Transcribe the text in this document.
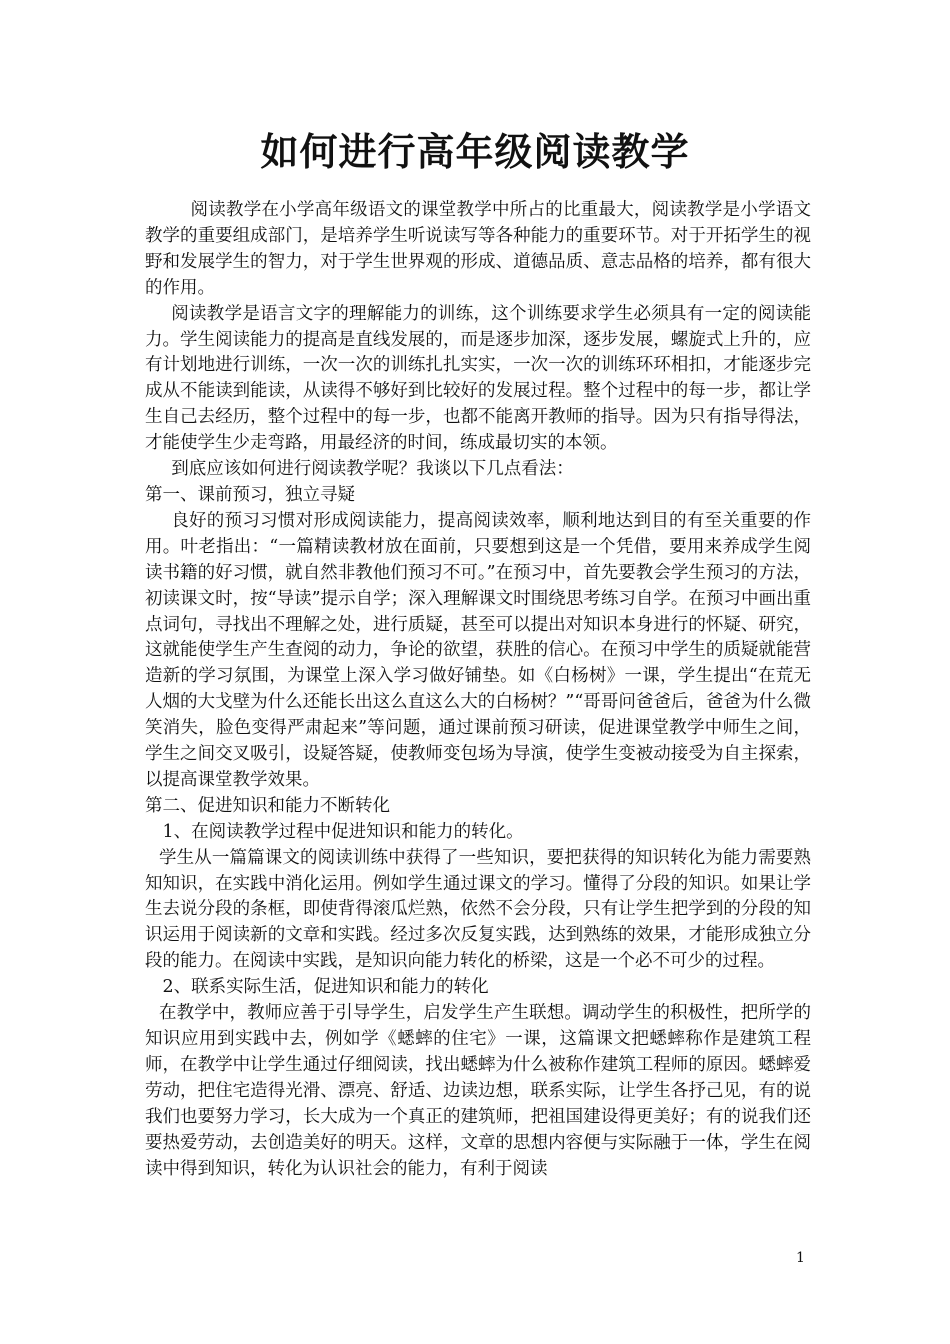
如何进行高年级阅读教学

阅读教学在小学高年级语文的课堂教学中所占的比重最大，阅读教学是小学语文教学的重要组成部门，是培养学生听说读写等各种能力的重要环节。对于开拓学生的视野和发展学生的智力，对于学生世界观的形成、道德品质、意志品格的培养，都有很大的作用。

阅读教学是语言文字的理解能力的训练，这个训练要求学生必须具有一定的阅读能力。学生阅读能力的提高是直线发展的，而是逐步加深，逐步发展，螺旋式上升的，应有计划地进行训练，一次一次的训练扎扎实实，一次一次的训练环环相扣，才能逐步完成从不能读到能读，从读得不够好到比较好的发展过程。整个过程中的每一步，都让学生自己去经历，整个过程中的每一步，也都不能离开教师的指导。因为只有指导得法，才能使学生少走弯路，用最经济的时间，练成最切实的本领。

到底应该如何进行阅读教学呢？我谈以下几点看法：

第一、课前预习，独立寻疑

良好的预习习惯对形成阅读能力，提高阅读效率，顺利地达到目的有至关重要的作用。叶老指出：“一篇精读教材放在面前，只要想到这是一个凭借，要用来养成学生阅读书籍的好习惯，就自然非教他们预习不可。”在预习中，首先要教会学生预习的方法，初读课文时，按“导读”提示自学；深入理解课文时围绕思考练习自学。在预习中画出重点词句，寻找出不理解之处，进行质疑，甚至可以提出对知识本身进行的怀疑、研究，这就能使学生产生查阅的动力，争论的欲望，获胜的信心。在预习中学生的质疑就能营造新的学习氛围，为课堂上深入学习做好铺垫。如《白杨树》一课，学生提出“在荒无人烟的大戈壁为什么还能长出这么直这么大的白杨树？”“哥哥问爸爸后，爸爸为什么微笑消失，脸色变得严肃起来”等问题，通过课前预习研读，促进课堂教学中师生之间，学生之间交叉吸引，设疑答疑，使教师变包场为导演，使学生变被动接受为自主探索，以提高课堂教学效果。

第二、促进知识和能力不断转化

1、在阅读教学过程中促进知识和能力的转化。

学生从一篇篇课文的阅读训练中获得了一些知识，要把获得的知识转化为能力需要熟知知识，在实践中消化运用。例如学生通过课文的学习。懂得了分段的知识。如果让学生去说分段的条框，即使背得滚瓜烂熟，依然不会分段，只有让学生把学到的分段的知识运用于阅读新的文章和实践。经过多次反复实践，达到熟练的效果，才能形成独立分段的能力。在阅读中实践，是知识向能力转化的桥梁，这是一个必不可少的过程。

2、联系实际生活，促进知识和能力的转化

在教学中，教师应善于引导学生，启发学生产生联想。调动学生的积极性，把所学的知识应用到实践中去，例如学《蟋蟀的住宅》一课，这篇课文把蟋蟀称作是建筑工程师，在教学中让学生通过仔细阅读，找出蟋蟀为什么被称作建筑工程师的原因。蟋蟀爱劳动，把住宅造得光滑、漂亮、舒适、边读边想，联系实际，让学生各抒己见，有的说我们也要努力学习，长大成为一个真正的建筑师，把祖国建设得更美好；有的说我们还要热爱劳动，去创造美好的明天。这样，文章的思想内容便与实际融于一体，学生在阅读中得到知识，转化为认识社会的能力，有利于阅读

1
